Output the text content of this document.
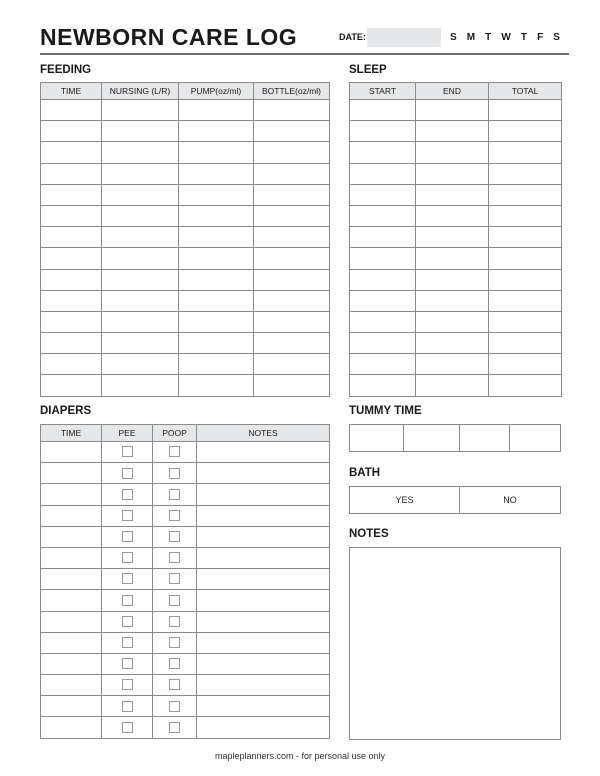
NEWBORN CARE LOG	DATE:	S M T W T F S
FEEDING
TIME	NURSING (L/R)	PUMP(oz/ml)	BOTTLE(oz/ml)

SLEEP
START	END	TOTAL

DIAPERS
TIME	PEE	POOP	NOTES

TUMMY TIME
BATH
YES	NO
NOTES
mapleplanners.com - for personal use only
